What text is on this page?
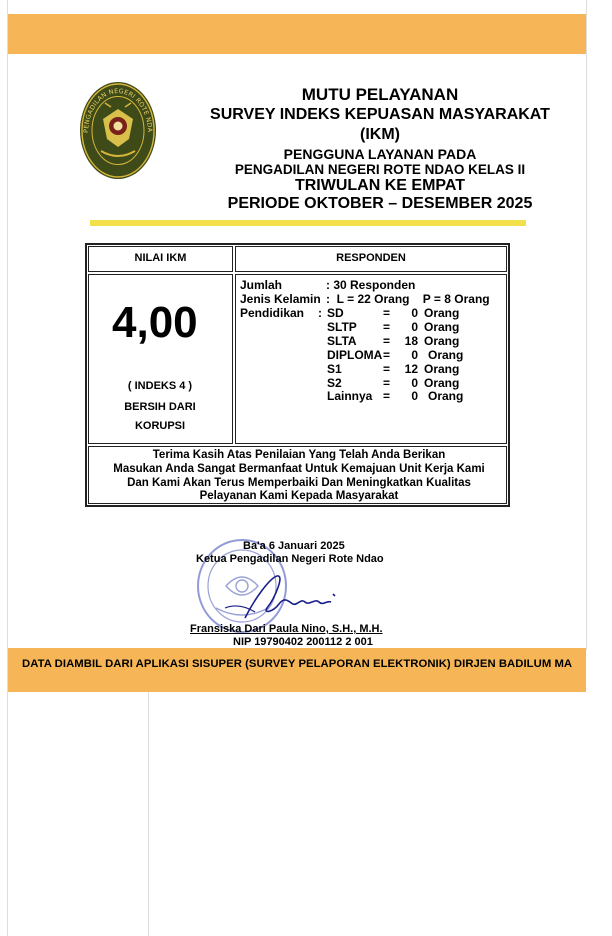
PENGADILAN NEGERI ROTE NDA
MUTU PELAYANAN
SURVEY INDEKS KEPUASAN MASYARAKAT
(IKM)
PENGGUNA LAYANAN PADA
PENGADILAN NEGERI ROTE NDAO KELAS II
TRIWULAN KE EMPAT
PERIODE OKTOBER – DESEMBER 2025
NILAI IKM	RESPONDEN
4,00
( INDEKS 4 )
BERSIH DARI
KORUPSI
Jumlah	: 30 Responden
Jenis Kelamin :  L = 22 Orang    P = 8 Orang
Pendidikan : SD	=	0 Orang
SLTP =	0 Orang
SLTA =	18 Orang
DIPLOMA =	0 Orang
S1	=	12 Orang
S2	=	0 Orang
Lainnya =	0 Orang
Terima Kasih Atas Penilaian Yang Telah Anda Berikan
Masukan Anda Sangat Bermanfaat Untuk Kemajuan Unit Kerja Kami
Dan Kami Akan Terus Memperbaiki Dan Meningkatkan Kualitas
Pelayanan Kami Kepada Masyarakat
Ba'a 6 Januari 2025
Ketua Pengadilan Negeri Rote Ndao
Fransiska Dari Paula Nino, S.H., M.H.
NIP 19790402 200112 2 001
DATA DIAMBIL DARI APLIKASI SISUPER (SURVEY PELAPORAN ELEKTRONIK) DIRJEN BADILUM MA
